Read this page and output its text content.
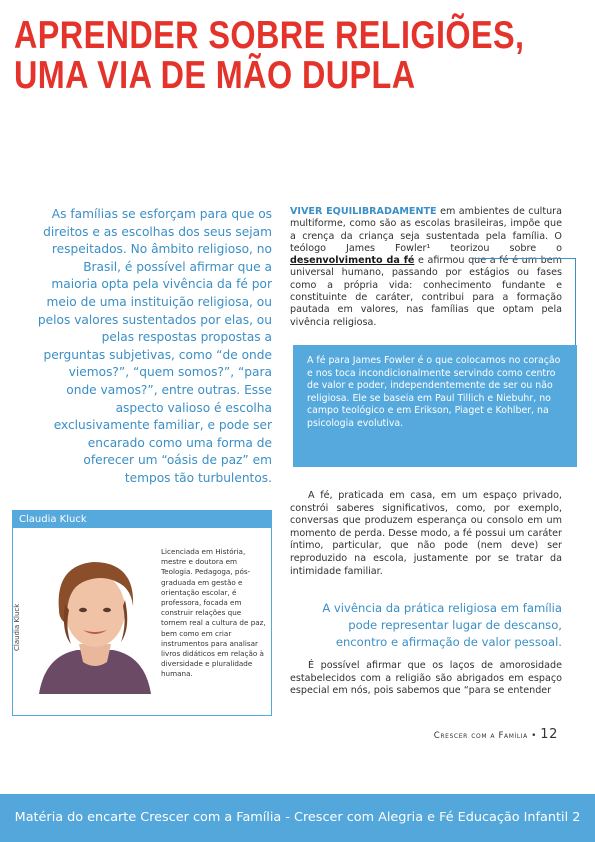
APRENDER SOBRE RELIGIÕES,
UMA VIA DE MÃO DUPLA
As famílias se esforçam para que os direitos e as escolhas dos seus sejam respeitados. No âmbito religioso, no Brasil, é possível afirmar que a maioria opta pela vivência da fé por meio de uma instituição religiosa, ou pelos valores sustentados por elas, ou pelas respostas propostas a perguntas subjetivas, como “de onde viemos?”, “quem somos?”, “para onde vamos?”, entre outras. Esse aspecto valioso é escolha exclusivamente familiar, e pode ser encarado como uma forma de oferecer um “oásis de paz” em tempos tão turbulentos.
VIVER EQUILIBRADAMENTE em ambientes de cultura multiforme, como são as escolas brasileiras, impõe que a crença da criança seja sustentada pela família. O teólogo James Fowler¹ teorizou sobre o desenvolvimento da fé e afirmou que a fé é um bem universal humano, passando por estágios ou fases como a própria vida: conhecimento fundante e constituinte de caráter, contribui para a formação pautada em valores, nas famílias que optam pela vivência religiosa.

A fé para James Fowler é o que colocamos no coração e nos toca incondicionalmente servindo como centro de valor e poder, independentemente de ser ou não religiosa. Ele se baseia em Paul Tillich e Niebuhr, no campo teológico e em Erikson, Piaget e Kohlber, na psicologia evolutiva.

A fé, praticada em casa, em um espaço privado, constrói saberes significativos, como, por exemplo, conversas que produzem esperança ou consolo em um momento de perda. Desse modo, a fé possui um caráter íntimo, particular, que não pode (nem deve) ser reproduzido na escola, justamente por se tratar da intimidade familiar.
A vivência da prática religiosa em família pode representar lugar de descanso, encontro e afirmação de valor pessoal.
É possível afirmar que os laços de amorosidade estabelecidos com a religião são abrigados em espaço especial em nós, pois sabemos que “para se entender
Claudia Kluck
Claudia Kluck
Licenciada em História, mestre e doutora em Teologia. Pedagoga, pós-graduada em gestão e orientação escolar, é professora, focada em construir relações que tornem real a cultura de paz, bem como em criar instrumentos para analisar livros didáticos em relação à diversidade e pluralidade humana.
Crescer com a Família • 12
Matéria do encarte Crescer com a Família - Crescer com Alegria e Fé Educação Infantil 2
